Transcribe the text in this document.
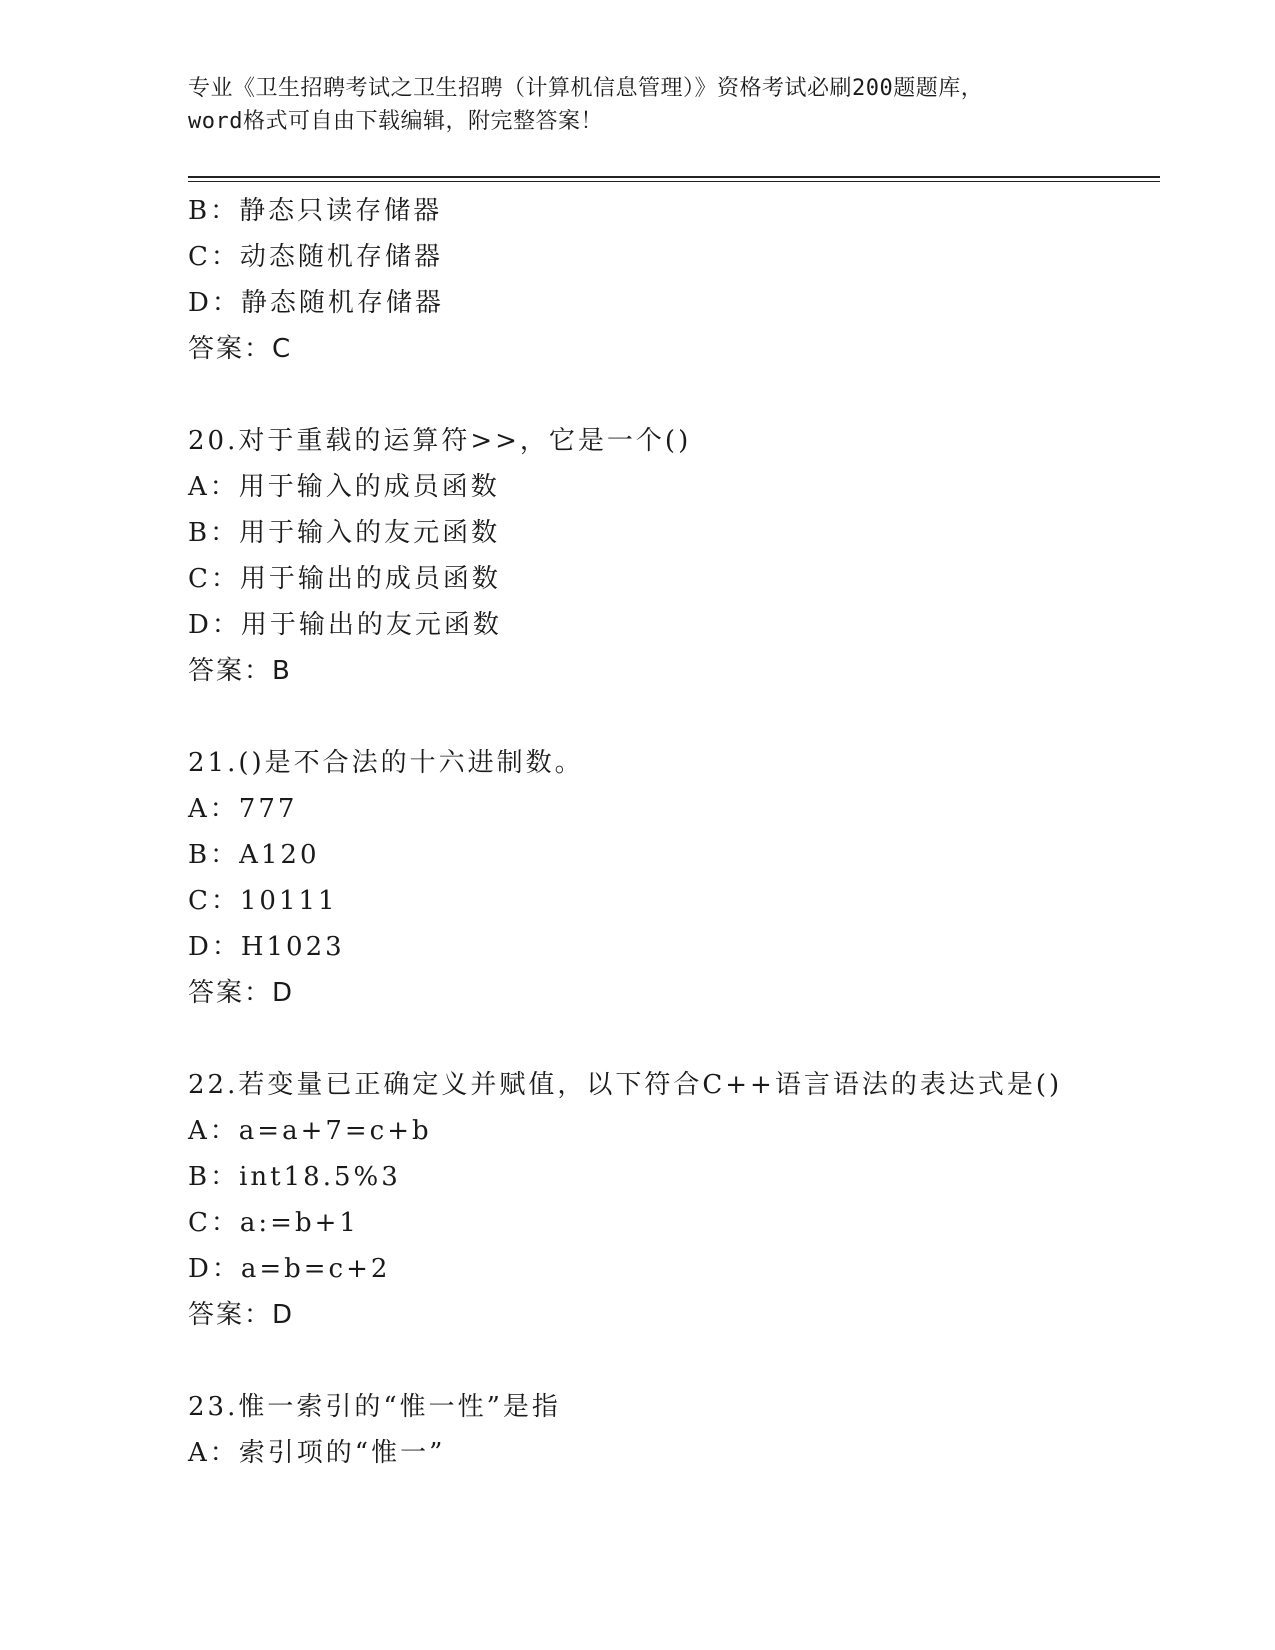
专业《卫生招聘考试之卫生招聘（计算机信息管理）》资格考试必刷200题题库，
word格式可自由下载编辑，附完整答案！
B：静态只读存储器
C：动态随机存储器
D：静态随机存储器
答案：C
20.对于重载的运算符>>，它是一个()
A：用于输入的成员函数
B：用于输入的友元函数
C：用于输出的成员函数
D：用于输出的友元函数
答案：B
21.()是不合法的十六进制数。
A：777
B：A120
C：10111
D：H1023
答案：D
22.若变量已正确定义并赋值，以下符合C++语言语法的表达式是()
A：a=a+7=c+b
B：int18.5%3
C：a:=b+1
D：a=b=c+2
答案：D
23.惟一索引的“惟一性”是指
A：索引项的“惟一”
